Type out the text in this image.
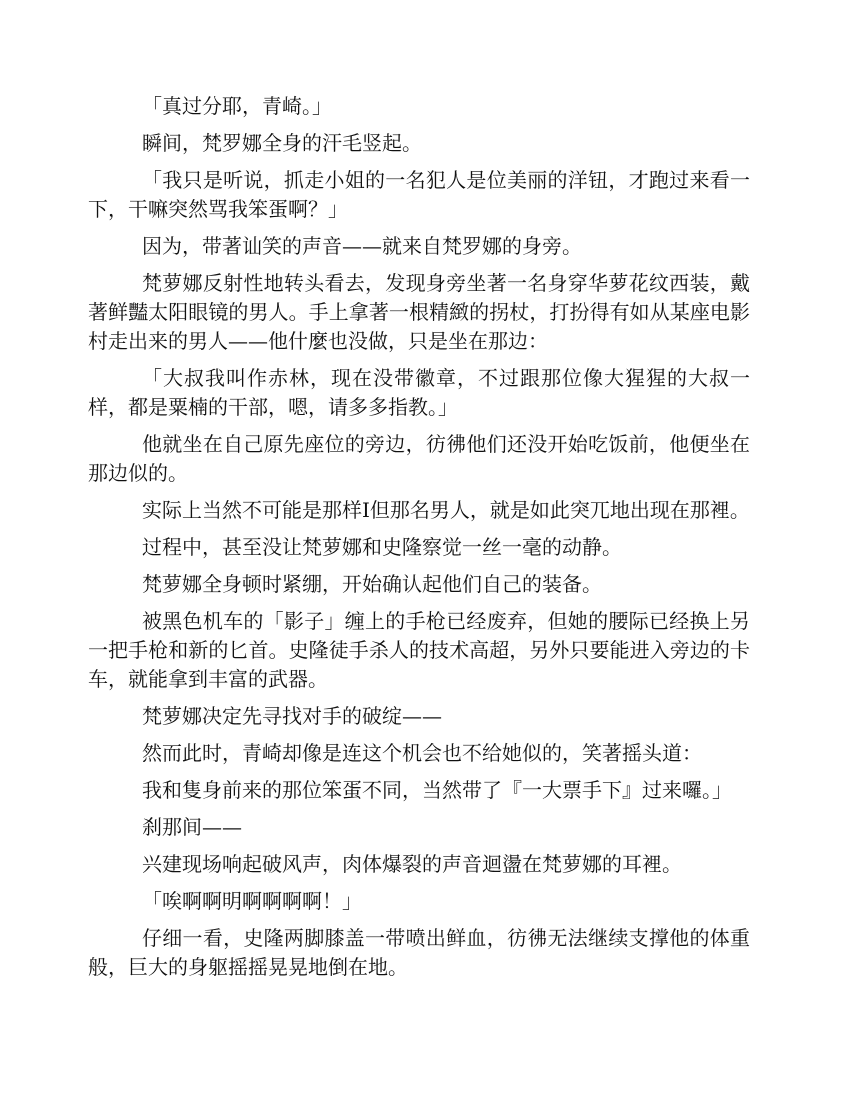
「真过分耶，青崎。」

瞬间，梵罗娜全身的汗毛竖起。

「我只是听说，抓走小姐的一名犯人是位美丽的洋钮，才跑过来看一下，干嘛突然骂我笨蛋啊？」

因为，带著讪笑的声音——就来自梵罗娜的身旁。

梵萝娜反射性地转头看去，发现身旁坐著一名身穿华萝花纹西装，戴著鲜豔太阳眼镜的男人。手上拿著一根精緻的拐杖，打扮得有如从某座电影村走出来的男人——他什麼也没做，只是坐在那边：

「大叔我叫作赤林，现在没带徽章，不过跟那位像大猩猩的大叔一样，都是粟楠的干部，嗯，请多多指教。」

他就坐在自己原先座位的旁边，彷彿他们还没开始吃饭前，他便坐在那边似的。

实际上当然不可能是那样I但那名男人，就是如此突兀地出现在那裡。

过程中，甚至没让梵萝娜和史隆察觉一丝一毫的动静。

梵萝娜全身顿时紧绷，开始确认起他们自己的装备。

被黑色机车的「影子」缠上的手枪已经废弃，但她的腰际已经换上另一把手枪和新的匕首。史隆徒手杀人的技术高超，另外只要能进入旁边的卡车，就能拿到丰富的武器。

梵萝娜决定先寻找对手的破绽——

然而此时，青崎却像是连这个机会也不给她似的，笑著摇头道：

我和隻身前来的那位笨蛋不同，当然带了『一大票手下』过来囉。」

刹那间——

兴建现场响起破风声，肉体爆裂的声音迴盪在梵萝娜的耳裡。

「唉啊啊明啊啊啊啊！」

仔细一看，史隆两脚膝盖一带喷出鲜血，彷彿无法继续支撑他的体重般，巨大的身躯摇摇晃晃地倒在地。
